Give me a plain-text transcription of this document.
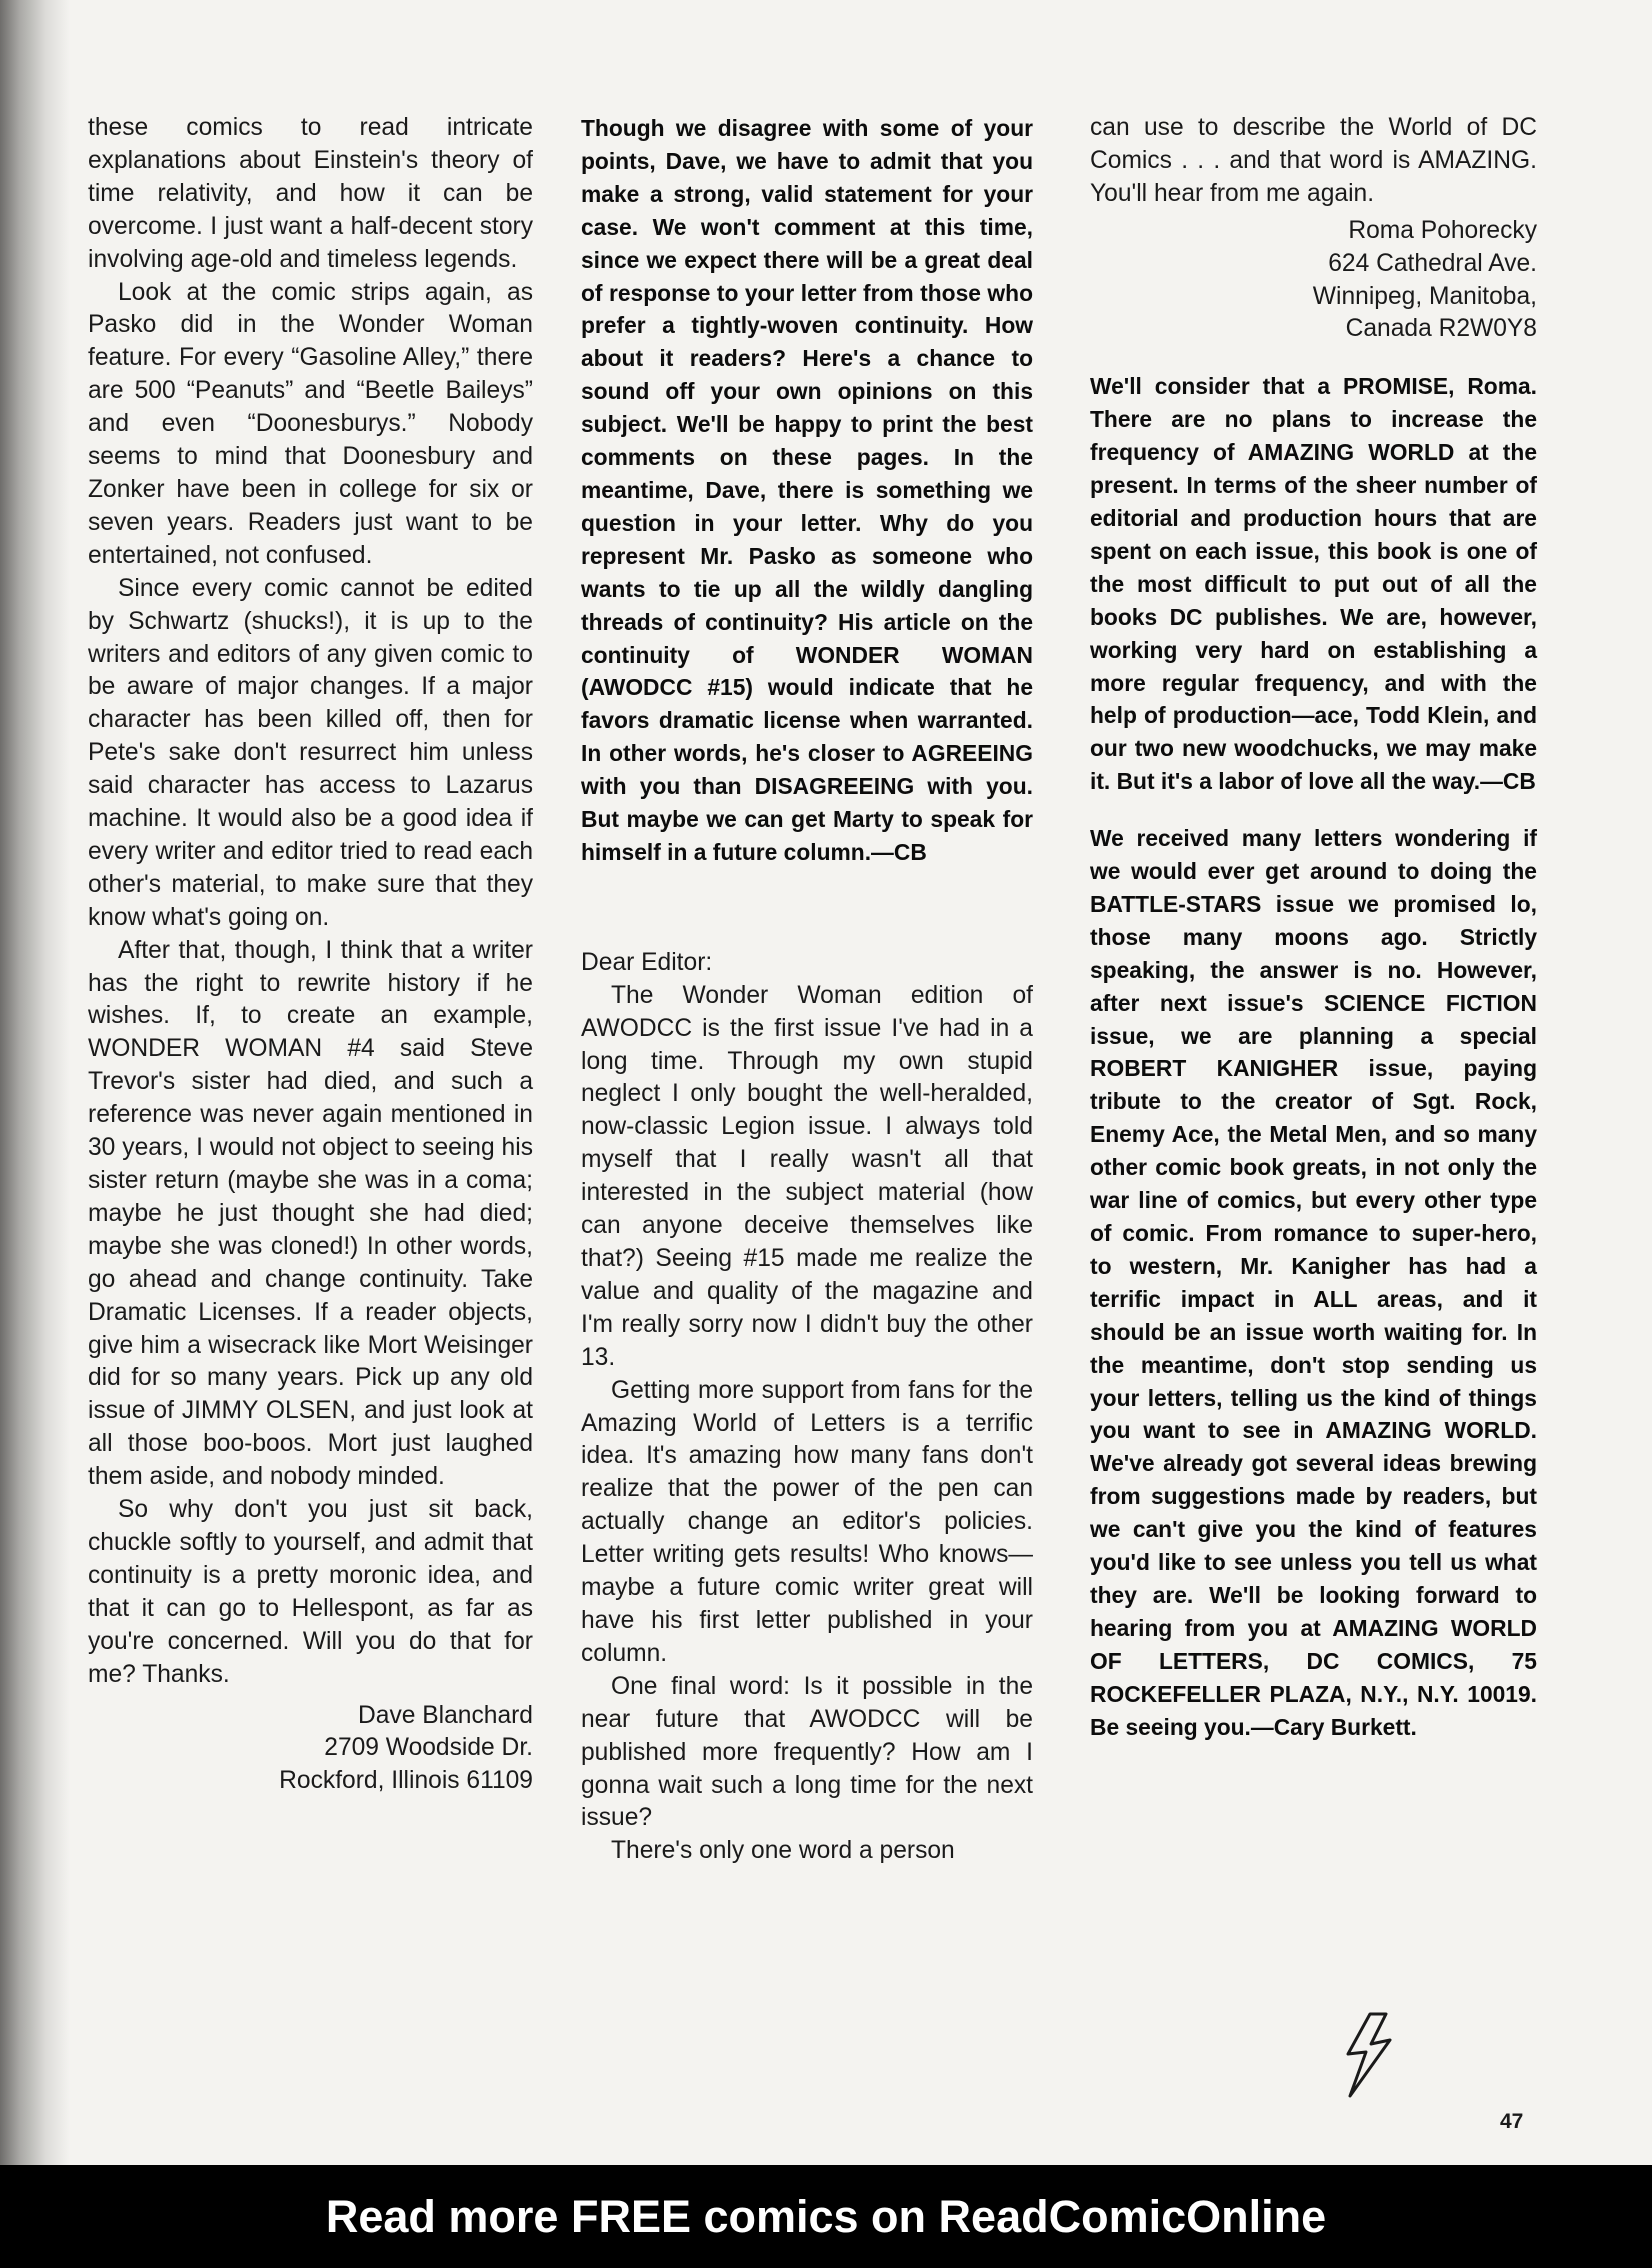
these comics to read intricate explanations about Einstein's theory of time relativity, and how it can be overcome. I just want a half-decent story involving age-old and timeless legends.

Look at the comic strips again, as Pasko did in the Wonder Woman feature. For every “Gasoline Alley,” there are 500 “Peanuts” and “Beetle Baileys” and even “Doonesburys.” Nobody seems to mind that Doonesbury and Zonker have been in college for six or seven years. Readers just want to be entertained, not confused.

Since every comic cannot be edited by Schwartz (shucks!), it is up to the writers and editors of any given comic to be aware of major changes. If a major character has been killed off, then for Pete's sake don't resurrect him unless said character has access to Lazarus machine. It would also be a good idea if every writer and editor tried to read each other's material, to make sure that they know what's going on.

After that, though, I think that a writer has the right to rewrite history if he wishes. If, to create an example, WONDER WOMAN #4 said Steve Trevor's sister had died, and such a reference was never again mentioned in 30 years, I would not object to seeing his sister return (maybe she was in a coma; maybe he just thought she had died; maybe she was cloned!) In other words, go ahead and change continuity. Take Dramatic Licenses. If a reader objects, give him a wisecrack like Mort Weisinger did for so many years. Pick up any old issue of JIMMY OLSEN, and just look at all those boo-boos. Mort just laughed them aside, and nobody minded.

So why don't you just sit back, chuckle softly to yourself, and admit that continuity is a pretty moronic idea, and that it can go to Hellespont, as far as you're concerned. Will you do that for me? Thanks.

Dave Blanchard
2709 Woodside Dr.
Rockford, Illinois 61109

Though we disagree with some of your points, Dave, we have to admit that you make a strong, valid statement for your case. We won't comment at this time, since we expect there will be a great deal of response to your letter from those who prefer a tightly-woven continuity. How about it readers? Here's a chance to sound off your own opinions on this subject. We'll be happy to print the best comments on these pages. In the meantime, Dave, there is something we question in your letter. Why do you represent Mr. Pasko as someone who wants to tie up all the wildly dangling threads of continuity? His article on the continuity of WONDER WOMAN (AWODCC #15) would indicate that he favors dramatic license when warranted. In other words, he's closer to AGREEING with you than DISAGREEING with you. But maybe we can get Marty to speak for himself in a future column.—CB

Dear Editor:

The Wonder Woman edition of AWODCC is the first issue I've had in a long time. Through my own stupid neglect I only bought the well-heralded, now-classic Legion issue. I always told myself that I really wasn't all that interested in the subject material (how can anyone deceive themselves like that?) Seeing #15 made me realize the value and quality of the magazine and I'm really sorry now I didn't buy the other 13.

Getting more support from fans for the Amazing World of Letters is a terrific idea. It's amazing how many fans don't realize that the power of the pen can actually change an editor's policies. Letter writing gets results! Who knows—maybe a future comic writer great will have his first letter published in your column.

One final word: Is it possible in the near future that AWODCC will be published more frequently? How am I gonna wait such a long time for the next issue?

There's only one word a person

can use to describe the World of DC Comics . . . and that word is AMAZING. You'll hear from me again.

Roma Pohorecky
624 Cathedral Ave.
Winnipeg, Manitoba,
Canada R2W0Y8

We'll consider that a PROMISE, Roma. There are no plans to increase the frequency of AMAZING WORLD at the present. In terms of the sheer number of editorial and production hours that are spent on each issue, this book is one of the most difficult to put out of all the books DC publishes. We are, however, working very hard on establishing a more regular frequency, and with the help of production—ace, Todd Klein, and our two new woodchucks, we may make it. But it's a labor of love all the way.—CB

We received many letters wondering if we would ever get around to doing the BATTLE-STARS issue we promised lo, those many moons ago. Strictly speaking, the answer is no. However, after next issue's SCIENCE FICTION issue, we are planning a special ROBERT KANIGHER issue, paying tribute to the creator of Sgt. Rock, Enemy Ace, the Metal Men, and so many other comic book greats, in not only the war line of comics, but every other type of comic. From romance to super-hero, to western, Mr. Kanigher has had a terrific impact in ALL areas, and it should be an issue worth waiting for. In the meantime, don't stop sending us your letters, telling us the kind of things you want to see in AMAZING WORLD. We've already got several ideas brewing from suggestions made by readers, but we can't give you the kind of features you'd like to see unless you tell us what they are. We'll be looking forward to hearing from you at AMAZING WORLD OF LETTERS, DC COMICS, 75 ROCKEFELLER PLAZA, N.Y., N.Y. 10019. Be seeing you.—Cary Burkett.

47
Read more FREE comics on ReadComicOnline
